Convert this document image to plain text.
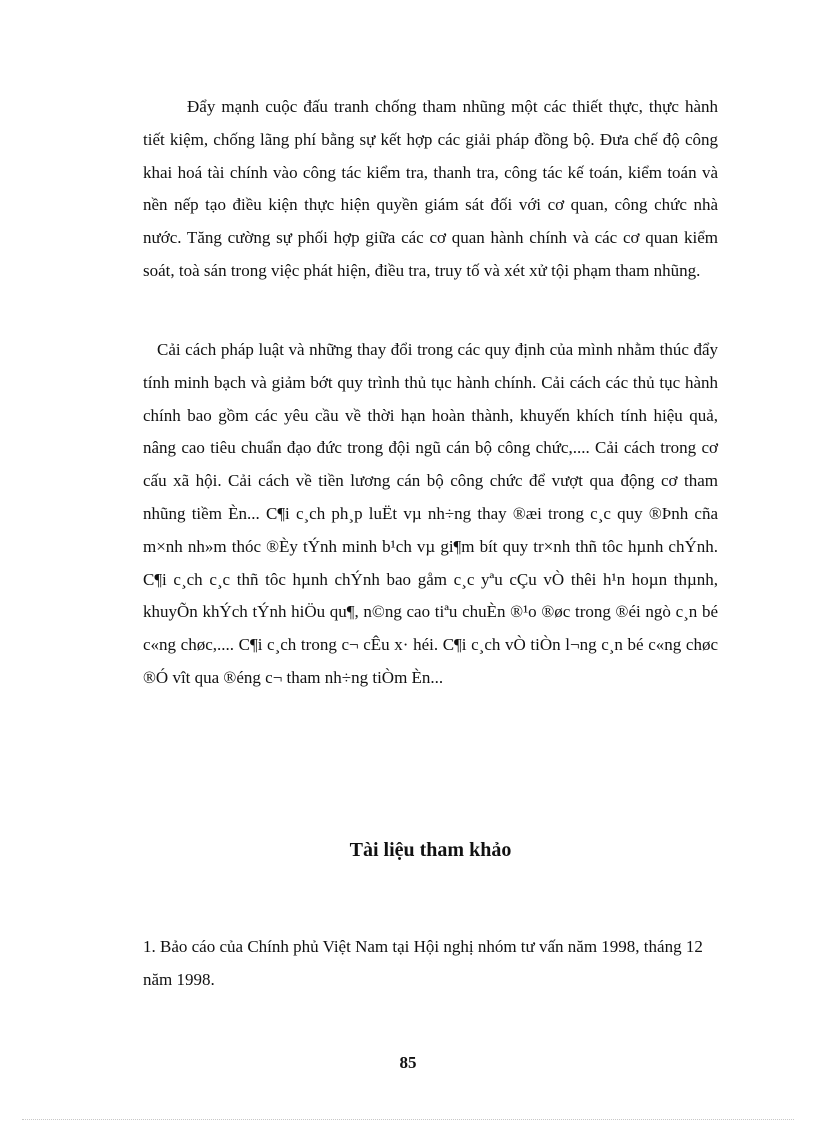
Đẩy mạnh cuộc đấu tranh chống tham nhũng một các thiết thực, thực hành tiết kiệm, chống lãng phí bằng sự kết hợp các giải pháp đồng bộ. Đưa chế độ công khai hoá tài chính vào công tác kiểm tra, thanh tra, công tác kế toán, kiểm toán và nền nếp tạo điều kiện thực hiện quyền giám sát đối với cơ quan, công chức nhà nước. Tăng cường sự phối hợp giữa các cơ quan hành chính và các cơ quan kiểm soát, toà sán trong việc phát hiện, điều tra, truy tố và xét xử tội phạm tham nhũng.

Cải cách pháp luật và những thay đổi trong các quy định của mình nhằm thúc đẩy tính minh bạch và giảm bớt quy trình thủ tục hành chính. Cải cách các thủ tục hành chính bao gồm các yêu cầu về thời hạn hoàn thành, khuyến khích tính hiệu quả, nâng cao tiêu chuẩn đạo đức trong đội ngũ cán bộ công chức,.... Cải cách trong cơ cấu xã hội. Cải cách về tiền lương cán bộ công chức để vượt qua động cơ tham nhũng tiềm Èn... C¶i c¸ch ph¸p luËt vµ nh÷ng thay ®æi trong c¸c quy ®Þnh cña m×nh nh»m thóc ®Èy tÝnh minh b¹ch vµ gi¶m bít quy tr×nh thñ tôc hµnh chÝnh. C¶i c¸ch c¸c thñ tôc hµnh chÝnh bao gåm c¸c yªu cÇu vÒ thêi h¹n hoµn thµnh, khuyÕn khÝch tÝnh hiÖu qu¶, n©ng cao tiªu chuÈn ®¹o ®øc trong ®éi ngò c¸n bé c«ng chøc,.... C¶i c¸ch trong c¬ cÊu x· héi. C¶i c¸ch vÒ tiÒn l¬ng c¸n bé c«ng chøc ®Ó vît qua ®éng c¬ tham nh÷ng tiÒm Èn...

Tài liệu tham khảo

1. Bảo cáo của Chính phủ Việt Nam tại Hội nghị nhóm tư vấn năm 1998, tháng 12 năm 1998.

85
